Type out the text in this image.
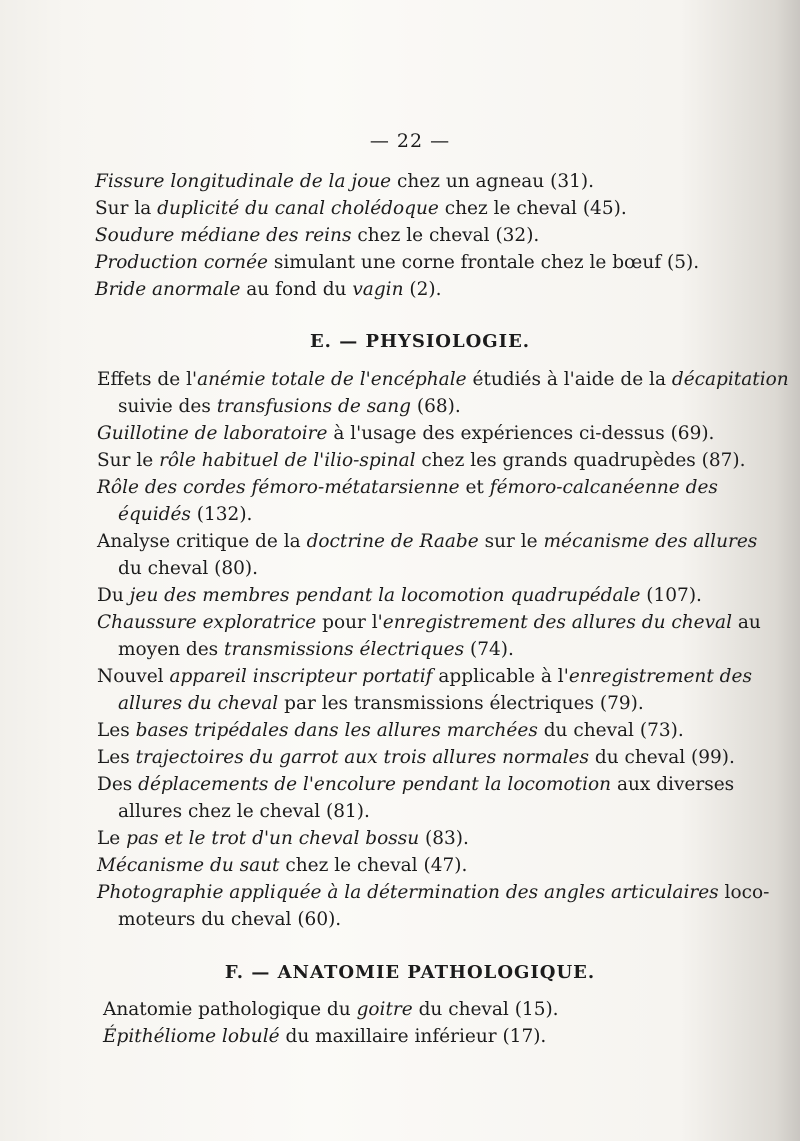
— 22 —
Fissure longitudinale de la joue chez un agneau (31).
Sur la duplicité du canal cholédoque chez le cheval (45).
Soudure médiane des reins chez le cheval (32).
Production cornée simulant une corne frontale chez le bœuf (5).
Bride anormale au fond du vagin (2).
E. — PHYSIOLOGIE.
Effets de l'anémie totale de l'encéphale étudiés à l'aide de la décapitation
suivie des transfusions de sang (68).
Guillotine de laboratoire à l'usage des expériences ci-dessus (69).
Sur le rôle habituel de l'ilio-spinal chez les grands quadrupèdes (87).
Rôle des cordes fémoro-métatarsienne et fémoro-calcanéenne des
équidés (132).
Analyse critique de la doctrine de Raabe sur le mécanisme des allures
du cheval (80).
Du jeu des membres pendant la locomotion quadrupédale (107).
Chaussure exploratrice pour l'enregistrement des allures du cheval au
moyen des transmissions électriques (74).
Nouvel appareil inscripteur portatif applicable à l'enregistrement des
allures du cheval par les transmissions électriques (79).
Les bases tripédales dans les allures marchées du cheval (73).
Les trajectoires du garrot aux trois allures normales du cheval (99).
Des déplacements de l'encolure pendant la locomotion aux diverses
allures chez le cheval (81).
Le pas et le trot d'un cheval bossu (83).
Mécanisme du saut chez le cheval (47).
Photographie appliquée à la détermination des angles articulaires loco-
moteurs du cheval (60).
F. — ANATOMIE PATHOLOGIQUE.
Anatomie pathologique du goitre du cheval (15).
Épithéliome lobulé du maxillaire inférieur (17).
